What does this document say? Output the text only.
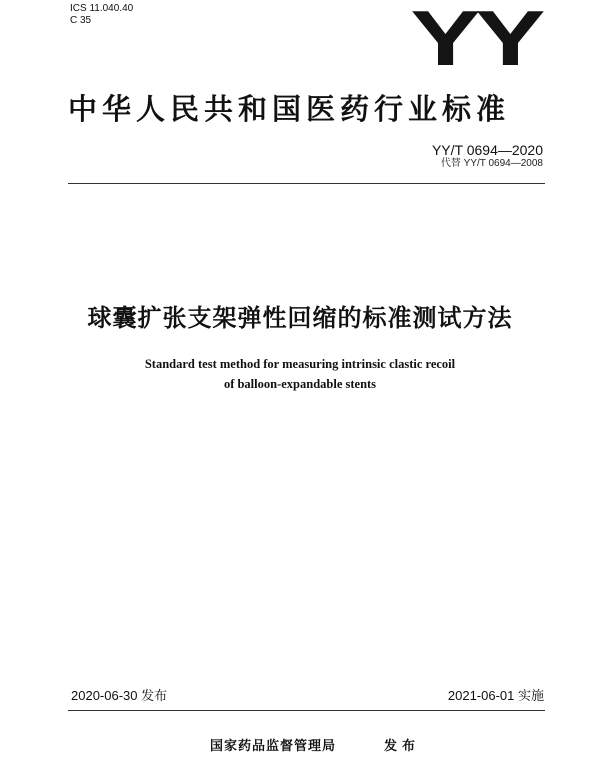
ICS 11.040.40
C 35	YY
中华人民共和国医药行业标准
YY/T 0694—2020
代替 YY/T 0694—2008
球囊扩张支架弹性回缩的标准测试方法
Standard test method for measuring intrinsic clastic recoil
of balloon-expandable stents
2020-06-30 发布	2021-06-01 实施
国家药品监督管理局	发布
